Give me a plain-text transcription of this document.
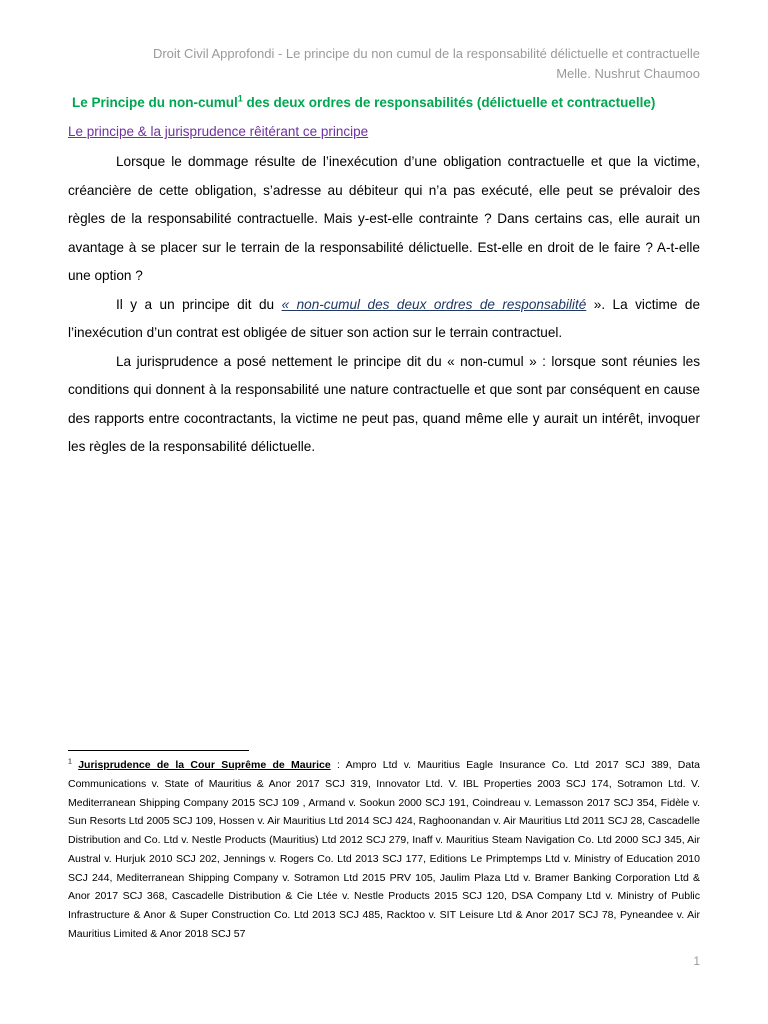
Droit Civil Approfondi - Le principe du non cumul de la responsabilité délictuelle et contractuelle
Melle. Nushrut Chaumoo
Le Principe du non-cumul$^1$ des deux ordres de responsabilités (délictuelle et contractuelle)
Le principe & la jurisprudence rêitérant ce principe

Lorsque le dommage résulte de l’inexécution d’une obligation contractuelle et que la victime, créancière de cette obligation, s’adresse au débiteur qui n’a pas exécuté, elle peut se prévaloir des règles de la responsabilité contractuelle. Mais y-est-elle contrainte ? Dans certains cas, elle aurait un avantage à se placer sur le terrain de la responsabilité délictuelle. Est-elle en droit de le faire ? A-t-elle une option ?

Il y a un principe dit du « non-cumul des deux ordres de responsabilité ». La victime de l’inexécution d’un contrat est obligée de situer son action sur le terrain contractuel.

La jurisprudence a posé nettement le principe dit du « non-cumul » : lorsque sont réunies les conditions qui donnent à la responsabilité une nature contractuelle et que sont par conséquent en cause des rapports entre cocontractants, la victime ne peut pas, quand même elle y aurait un intérêt, invoquer les règles de la responsabilité délictuelle.

$^1$ Jurisprudence de la Cour Suprême de Maurice : Ampro Ltd v. Mauritius Eagle Insurance Co. Ltd 2017 SCJ 389, Data Communications v. State of Mauritius & Anor 2017 SCJ 319, Innovator Ltd. V. IBL Properties 2003 SCJ 174, Sotramon Ltd. V. Mediterranean Shipping Company 2015 SCJ 109 , Armand v. Sookun 2000 SCJ 191, Coindreau v. Lemasson 2017 SCJ 354, Fidèle v. Sun Resorts Ltd 2005 SCJ 109, Hossen v. Air Mauritius Ltd 2014 SCJ 424, Raghoonandan v. Air Mauritius Ltd 2011 SCJ 28, Cascadelle Distribution and Co. Ltd v. Nestle Products (Mauritius) Ltd 2012 SCJ 279, Inaff v. Mauritius Steam Navigation Co. Ltd 2000 SCJ 345, Air Austral v. Hurjuk 2010 SCJ 202, Jennings v. Rogers Co. Ltd 2013 SCJ 177, Editions Le Primptemps Ltd v. Ministry of Education 2010 SCJ 244, Mediterranean Shipping Company v. Sotramon Ltd 2015 PRV 105, Jaulim Plaza Ltd v. Bramer Banking Corporation Ltd & Anor 2017 SCJ 368, Cascadelle Distribution & Cie Ltée v. Nestle Products 2015 SCJ 120, DSA Company Ltd v. Ministry of Public Infrastructure & Anor & Super Construction Co. Ltd 2013 SCJ 485, Racktoo v. SIT Leisure Ltd & Anor 2017 SCJ 78, Pyneandee v. Air Mauritius Limited & Anor 2018 SCJ 57
1
